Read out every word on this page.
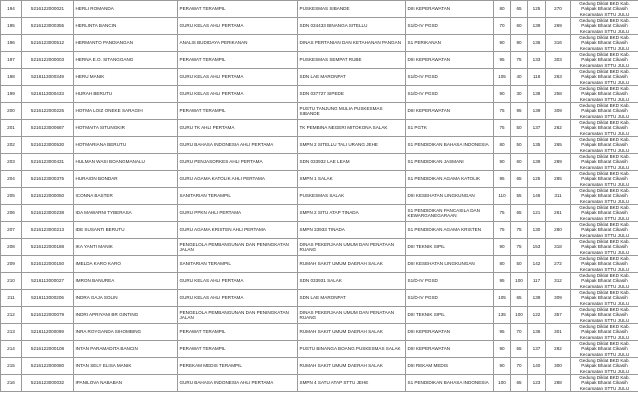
194	5216122000021	HERLI ROMANDA	PERAWAT TERAMPIL	PUSKESMAS SIBANDE	DIII KEPERAWATAN	80	65	125	270	Gedung Diklat BKD Kab. Pakpak Bharat Cikasih Kecamatan STTU JULU
195	5216123000355	HERLINTA BANCIN	GURU KELAS AHLI PERTAMA	SDN 034433 BINANGA SITELLU	S1/D-IV PGSD	70	60	139	269	Gedung Diklat BKD Kab. Pakpak Bharat Cikasih Kecamatan STTU JULU
196	5216123000512	HERMANTO PANDIANGAN	ANALIS BUDIDAYA PERIKANAN	DINAS PERTANIAN DAN KETAHANAN PANGAN	S1 PERIKANAN	90	90	136	316	Gedung Diklat BKD Kab. Pakpak Bharat Cikasih Kecamatan STTU JULU
197	5216122000003	HERNA E.O. SITANGGANG	PERAWAT TERAMPIL	PUSKESMAS SEMPAT RUBE	DIII KEPERAWATAN	95	75	133	303	Gedung Diklat BKD Kab. Pakpak Bharat Cikasih Kecamatan STTU JULU
198	5216113000349	HERU MANIK	GURU KELAS AHLI PERTAMA	SDN LAE MARONPAT	S1/D-IV PGSD	105	40	118	263	Gedung Diklat BKD Kab. Pakpak Bharat Cikasih Kecamatan STTU JULU
199	5216113000433	HIJRAH BERUTU	GURU KELAS AHLI PERTAMA	SDN 037727 SIPEDE	S1/D-IV PGSD	90	30	138	258	Gedung Diklat BKD Kab. Pakpak Bharat Cikasih Kecamatan STTU JULU
200	5216122000225	HOTMA LOIZ ONEKE SARAGIH	PERAWAT TERAMPIL	PUSTU TANJUNG MULIA PUSKESMAS SIBANDE	DIII KEPERAWATAN	75	95	139	309	Gedung Diklat BKD Kab. Pakpak Bharat Cikasih Kecamatan STTU JULU
201	5216123000687	HOTMAITA SITUNGKIR	GURU TK AHLI PERTAMA	TK PEMBINA NEGERI MITOKONA SALAK	S1 PGTK	75	50	137	262	Gedung Diklat BKD Kab. Pakpak Bharat Cikasih Kecamatan STTU JULU
202	5216123000530	HOTMARIANA BERUTU	GURU BAHASA INDONESIA AHLI PERTAMA	SMPN 2 SITELLU TALI URANG JEHE	S1 PENDIDIKAN BAHASA INDONESIA	80	50	135	265	Gedung Diklat BKD Kab. Pakpak Bharat Cikasih Kecamatan STTU JULU
203	5216123000431	HULMAN WASI BOANGMANALU	GURU PENJASORKES AHLI PERTAMA	SDN 033932 LAE LEAM	S1 PENDIDIKAN JASMANI	90	60	139	289	Gedung Diklat BKD Kab. Pakpak Bharat Cikasih Kecamatan STTU JULU
204	5216123000375	HURAION BONDAR	GURU AGAMA KATOLIK AHLI PERTAMA	SMPN 1 SALAK	S1 PENDIDIKAN AGAMA KATOLIK	95	65	125	285	Gedung Diklat BKD Kab. Pakpak Bharat Cikasih Kecamatan STTU JULU
205	5216122000050	ICONNA BASTER	SANITARIAN TERAMPIL	PUSKESMAS SALAK	DIII KESEHATAN LINGKUNGAN	110	55	146	311	Gedung Diklat BKD Kab. Pakpak Bharat Cikasih Kecamatan STTU JULU
206	5216123000238	IDA MAWARNI TYBERASA	GURU PPKN AHLI PERTAMA	SMPN 2 SITU ATAP TINADA	S1 PENDIDIKAN PANCASILA DAN KEWARGANEGARAAN	75	65	121	261	Gedung Diklat BKD Kab. Pakpak Bharat Cikasih Kecamatan STTU JULU
207	5216123000213	IDE SUSANTI BERUTU	GURU AGAMA KRISTEN AHLI PERTAMA	SMPN 33933 TINADA	S1 PENDIDIKAN AGAMA KRISTEN	75	75	130	280	Gedung Diklat BKD Kab. Pakpak Bharat Cikasih Kecamatan STTU JULU
208	5216122000188	IKA YANTI MANIK	PENGELOLA PEMBANGUNAN DAN PENINGKATAN JALAN	DINAS PEKERJAAN UMUM DAN PENATAAN RUANG	DIII TEKNIK SIPIL	90	75	153	318	Gedung Diklat BKD Kab. Pakpak Bharat Cikasih Kecamatan STTU JULU
209	5216122000150	IMELDA KARO KARO	SANITARIAN TERAMPIL	RUMAH SAKIT UMUM DAERAH SALAK	DIII KESEHATAN LINGKUNGAN	80	50	142	272	Gedung Diklat BKD Kab. Pakpak Bharat Cikasih Kecamatan STTU JULU
210	5216113000027	IMRON BANUREA	GURU KELAS AHLI PERTAMA	SDN 033931 SALAK	S1/D-IV PGSD	95	100	117	312	Gedung Diklat BKD Kab. Pakpak Bharat Cikasih Kecamatan STTU JULU
211	5216113000206	INDRA GAJA SOLIN	GURU KELAS AHLI PERTAMA	SDN LAE MARONPAT	S1/D-IV PGSD	105	65	139	309	Gedung Diklat BKD Kab. Pakpak Bharat Cikasih Kecamatan STTU JULU
212	5216122000079	INDRI APRIYANI BR GINTING	PENGELOLA PEMBANGUNAN DAN PENINGKATAN JALAN	DINAS PEKERJAAN UMUM DAN PENATAAN RUANG	DIII TEKNIK SIPIL	135	100	122	357	Gedung Diklat BKD Kab. Pakpak Bharat Cikasih Kecamatan STTU JULU
213	5216112000099	INRA ROYGANDA SIHOMBING	PERAWAT TERAMPIL	RUMAH SAKIT UMUM DAERAH SALAK	DIII KEPERAWATAN	95	70	136	301	Gedung Diklat BKD Kab. Pakpak Bharat Cikasih Kecamatan STTU JULU
214	5216122000108	INTAN PARAMADITA BANCIN	PERAWAT TERAMPIL	PUSTU BINANGA BOANG PUSKESMAS SALAK	DIII KEPERAWATAN	90	55	137	282	Gedung Diklat BKD Kab. Pakpak Bharat Cikasih Kecamatan STTU JULU
215	5216122000080	INTAN SELY ELISA MANIK	PEREKAM MEDIS TERAMPIL	RUMAH SAKIT UMUM DAERAH SALAK	DIII REKAM MEDIS	90	70	140	300	Gedung Diklat BKD Kab. Pakpak Bharat Cikasih Kecamatan STTU JULU
216	5216123000032	IPANILOVA NABABAN	GURU BAHASA INDONESIA AHLI PERTAMA	SMPN 4 SATU ATAP STTU JEHE	S1 PENDIDIKAN BAHASA INDONESIA	100	65	123	288	Gedung Diklat BKD Kab. Pakpak Bharat Cikasih Kecamatan STTU JULU
